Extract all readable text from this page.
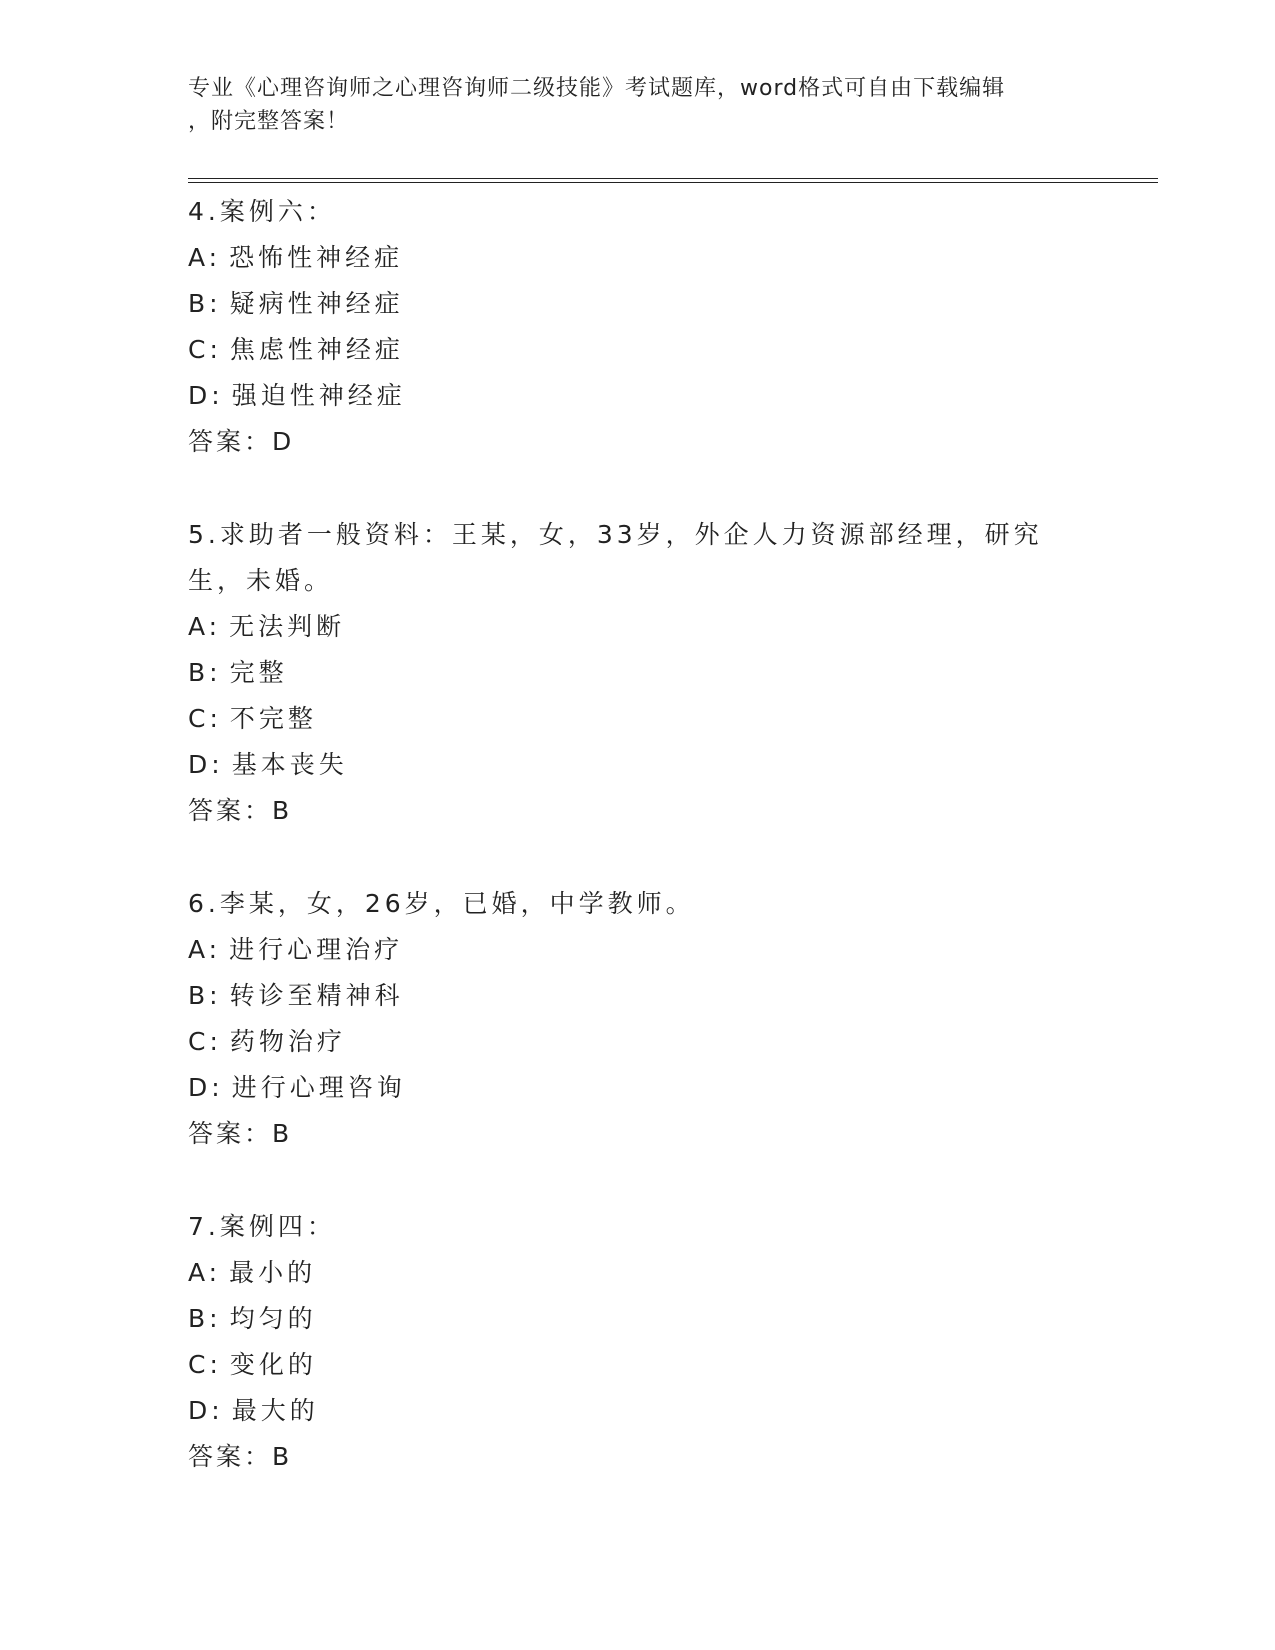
专业《心理咨询师之心理咨询师二级技能》考试题库，word格式可自由下载编辑
，附完整答案！
4.案例六：
A: 恐怖性神经症
B: 疑病性神经症
C: 焦虑性神经症
D: 强迫性神经症
答案：D
5.求助者一般资料：王某，女，33岁，外企人力资源部经理，研究生，未婚。
A: 无法判断
B: 完整
C: 不完整
D: 基本丧失
答案：B
6.李某，女，26岁，已婚，中学教师。
A: 进行心理治疗
B: 转诊至精神科
C: 药物治疗
D: 进行心理咨询
答案：B
7.案例四：
A: 最小的
B: 均匀的
C: 变化的
D: 最大的
答案：B
